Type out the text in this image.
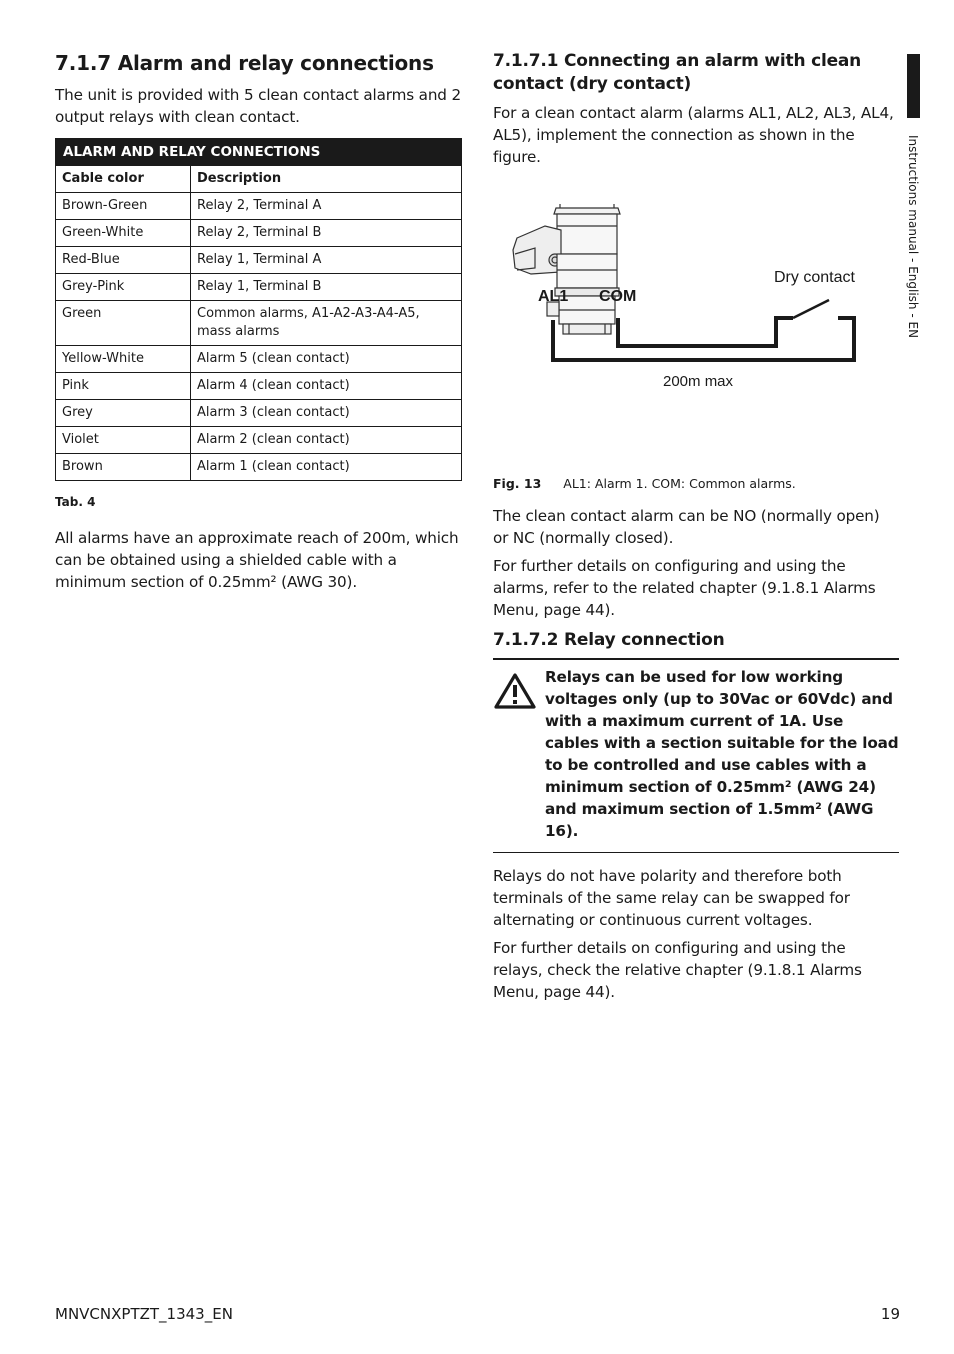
7.1.7 Alarm and relay connections

The unit is provided with 5 clean contact alarms and 2 output relays with clean contact.

ALARM AND RELAY CONNECTIONS	
Cable color	Description
Brown-Green	Relay 2, Terminal A
Green-White	Relay 2, Terminal B
Red-Blue	Relay 1, Terminal A
Grey-Pink	Relay 1, Terminal B
Green	Common alarms, A1-A2-A3-A4-A5, mass alarms
Yellow-White	Alarm 5 (clean contact)
Pink	Alarm 4 (clean contact)
Grey	Alarm 3 (clean contact)
Violet	Alarm 2 (clean contact)
Brown	Alarm 1 (clean contact)
Tab. 4

All alarms have an approximate reach of 200m, which can be obtained using a shielded cable with a minimum section of 0.25mm² (AWG 30).

7.1.7.1 Connecting an alarm with clean contact (dry contact)

For a clean contact alarm (alarms AL1, AL2, AL3, AL4, AL5), implement the connection as shown in the figure.

AL1 COM
Dry contact
200m max
Fig. 13 AL1: Alarm 1. COM: Common alarms.

The clean contact alarm can be NO (normally open) or NC (normally closed).

For further details on configuring and using the alarms, refer to the related chapter (9.1.8.1 Alarms Menu, page 44).

7.1.7.2 Relay connection
Relays can be used for low working voltages only (up to 30Vac or 60Vdc) and with a maximum current of 1A. Use cables with a section suitable for the load to be controlled and use cables with a minimum section of 0.25mm² (AWG 24) and maximum section of 1.5mm² (AWG 16).

Relays do not have polarity and therefore both terminals of the same relay can be swapped for alternating or continuous current voltages.

For further details on configuring and using the relays, check the relative chapter (9.1.8.1 Alarms Menu, page 44).

Instructions manual - English - EN
MNVCNXPTZT_1343_EN	19
